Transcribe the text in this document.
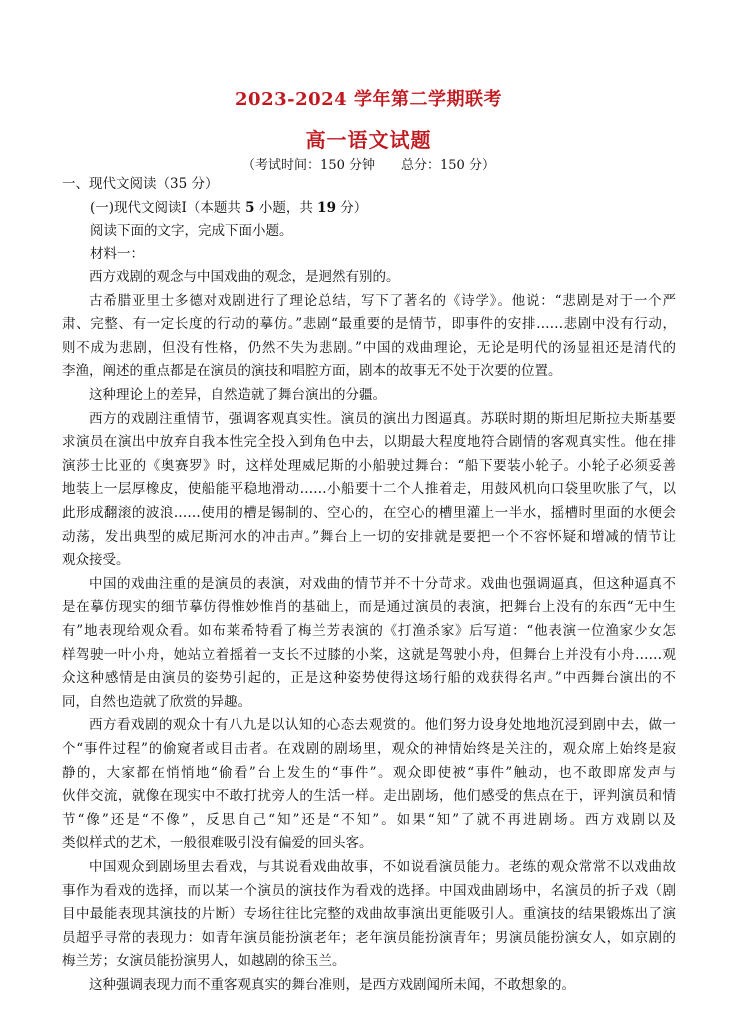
2023-2024 学年第二学期联考
高一语文试题
（考试时间：150 分钟　　总分：150 分）
一、现代文阅读（35 分）
(一)现代文阅读Ⅰ（本题共 5 小题，共 19 分）
阅读下面的文字，完成下面小题。
材料一：
西方戏剧的观念与中国戏曲的观念，是迥然有别的。
古希腊亚里士多德对戏剧进行了理论总结，写下了著名的《诗学》。他说：“悲剧是对于一个严
肃、完整、有一定长度的行动的摹仿。”悲剧“最重要的是情节，即事件的安排……悲剧中没有行动，
则不成为悲剧，但没有性格，仍然不失为悲剧。”中国的戏曲理论，无论是明代的汤显祖还是清代的
李渔，阐述的重点都是在演员的演技和唱腔方面，剧本的故事无不处于次要的位置。
这种理论上的差异，自然造就了舞台演出的分疆。
西方的戏剧注重情节，强调客观真实性。演员的演出力图逼真。苏联时期的斯坦尼斯拉夫斯基要
求演员在演出中放弃自我本性完全投入到角色中去，以期最大程度地符合剧情的客观真实性。他在排
演莎士比亚的《奥赛罗》时，这样处理威尼斯的小船驶过舞台：“船下要装小轮子。小轮子必须妥善
地装上一层厚橡皮，使船能平稳地滑动……小船要十二个人推着走，用鼓风机向口袋里吹胀了气，以
此形成翻滚的波浪……使用的槽是锡制的、空心的，在空心的槽里灌上一半水，摇槽时里面的水便会
动荡，发出典型的威尼斯河水的冲击声。”舞台上一切的安排就是要把一个不容怀疑和增减的情节让
观众接受。
中国的戏曲注重的是演员的表演，对戏曲的情节并不十分苛求。戏曲也强调逼真，但这种逼真不
是在摹仿现实的细节摹仿得惟妙惟肖的基础上，而是通过演员的表演，把舞台上没有的东西“无中生
有”地表现给观众看。如布莱希特看了梅兰芳表演的《打渔杀家》后写道：“他表演一位渔家少女怎
样驾驶一叶小舟，她站立着摇着一支长不过膝的小桨，这就是驾驶小舟，但舞台上并没有小舟……观
众这种感情是由演员的姿势引起的，正是这种姿势使得这场行船的戏获得名声。”中西舞台演出的不
同，自然也造就了欣赏的异趣。
西方看戏剧的观众十有八九是以认知的心态去观赏的。他们努力设身处地地沉浸到剧中去，做一
个“事件过程”的偷窥者或目击者。在戏剧的剧场里，观众的神情始终是关注的，观众席上始终是寂
静的，大家都在悄悄地“偷看”台上发生的“事件”。观众即使被“事件”触动，也不敢即席发声与
伙伴交流，就像在现实中不敢打扰旁人的生活一样。走出剧场，他们感受的焦点在于，评判演员和情
节“像”还是“不像”，反思自己“知”还是“不知”。如果“知”了就不再进剧场。西方戏剧以及
类似样式的艺术，一般很难吸引没有偏爱的回头客。
中国观众到剧场里去看戏，与其说看戏曲故事，不如说看演员能力。老练的观众常常不以戏曲故
事作为看戏的选择，而以某一个演员的演技作为看戏的选择。中国戏曲剧场中，名演员的折子戏（剧
目中最能表现其演技的片断）专场往往比完整的戏曲故事演出更能吸引人。重演技的结果锻炼出了演
员超乎寻常的表现力：如青年演员能扮演老年；老年演员能扮演青年；男演员能扮演女人，如京剧的
梅兰芳；女演员能扮演男人，如越剧的徐玉兰。
这种强调表现力而不重客观真实的舞台准则，是西方戏剧闻所未闻，不敢想象的。
